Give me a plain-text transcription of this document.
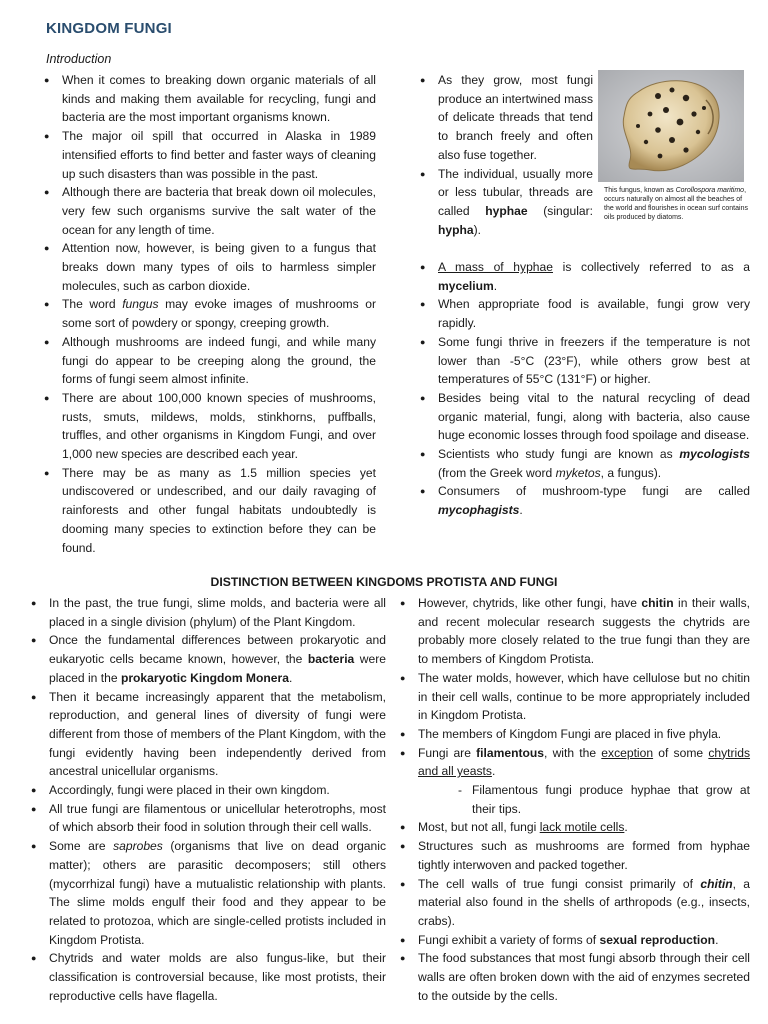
KINGDOM FUNGI
Introduction
● When it comes to breaking down organic materials of all kinds and making them available for recycling, fungi and bacteria are the most important organisms known.
● The major oil spill that occurred in Alaska in 1989 intensified efforts to find better and faster ways of cleaning up such disasters than was possible in the past.
● Although there are bacteria that break down oil molecules, very few such organisms survive the salt water of the ocean for any length of time.
● Attention now, however, is being given to a fungus that breaks down many types of oils to harmless simpler molecules, such as carbon dioxide.
● The word fungus may evoke images of mushrooms or some sort of powdery or spongy, creeping growth.
● Although mushrooms are indeed fungi, and while many fungi do appear to be creeping along the ground, the forms of fungi seem almost infinite.
● There are about 100,000 known species of mushrooms, rusts, smuts, mildews, molds, stinkhorns, puffballs, truffles, and other organisms in Kingdom Fungi, and over 1,000 new species are described each year.
● There may be as many as 1.5 million species yet undiscovered or undescribed, and our daily ravaging of rainforests and other fungal habitats undoubtedly is dooming many species to extinction before they can be found.
● As they grow, most fungi produce an intertwined mass of delicate threads that tend to branch freely and often also fuse together.
● The individual, usually more or less tubular, threads are called hyphae (singular: hypha).
This fungus, known as Corollospora maritimo, occurs naturally on almost all the beaches of the world and flourishes in ocean surf contains oils produced by diatoms.
● A mass of hyphae is collectively referred to as a mycelium.
● When appropriate food is available, fungi grow very rapidly.
● Some fungi thrive in freezers if the temperature is not lower than -5°C (23°F), while others grow best at temperatures of 55°C (131°F) or higher.
● Besides being vital to the natural recycling of dead organic material, fungi, along with bacteria, also cause huge economic losses through food spoilage and disease.
● Scientists who study fungi are known as mycologists (from the Greek word myketos, a fungus).
● Consumers of mushroom-type fungi are called mycophagists.
DISTINCTION BETWEEN KINGDOMS PROTISTA AND FUNGI
● In the past, the true fungi, slime molds, and bacteria were all placed in a single division (phylum) of the Plant Kingdom.
● Once the fundamental differences between prokaryotic and eukaryotic cells became known, however, the bacteria were placed in the prokaryotic Kingdom Monera.
● Then it became increasingly apparent that the metabolism, reproduction, and general lines of diversity of fungi were different from those of members of the Plant Kingdom, with the fungi evidently having been independently derived from ancestral unicellular organisms.
● Accordingly, fungi were placed in their own kingdom.
● All true fungi are filamentous or unicellular heterotrophs, most of which absorb their food in solution through their cell walls.
● Some are saprobes (organisms that live on dead organic matter); others are parasitic decomposers; still others (mycorrhizal fungi) have a mutualistic relationship with plants. The slime molds engulf their food and they appear to be related to protozoa, which are single-celled protists included in Kingdom Protista.
● Chytrids and water molds are also fungus-like, but their classification is controversial because, like most protists, their reproductive cells have flagella.
● However, chytrids, like other fungi, have chitin in their walls, and recent molecular research suggests the chytrids are probably more closely related to the true fungi than they are to members of Kingdom Protista.
● The water molds, however, which have cellulose but no chitin in their cell walls, continue to be more appropriately included in Kingdom Protista.
● The members of Kingdom Fungi are placed in five phyla.
● Fungi are filamentous, with the exception of some chytrids and all yeasts.
- Filamentous fungi produce hyphae that grow at their tips.
● Most, but not all, fungi lack motile cells.
● Structures such as mushrooms are formed from hyphae tightly interwoven and packed together.
● The cell walls of true fungi consist primarily of chitin, a material also found in the shells of arthropods (e.g., insects, crabs).
● Fungi exhibit a variety of forms of sexual reproduction.
● The food substances that most fungi absorb through their cell walls are often broken down with the aid of enzymes secreted to the outside by the cells.
